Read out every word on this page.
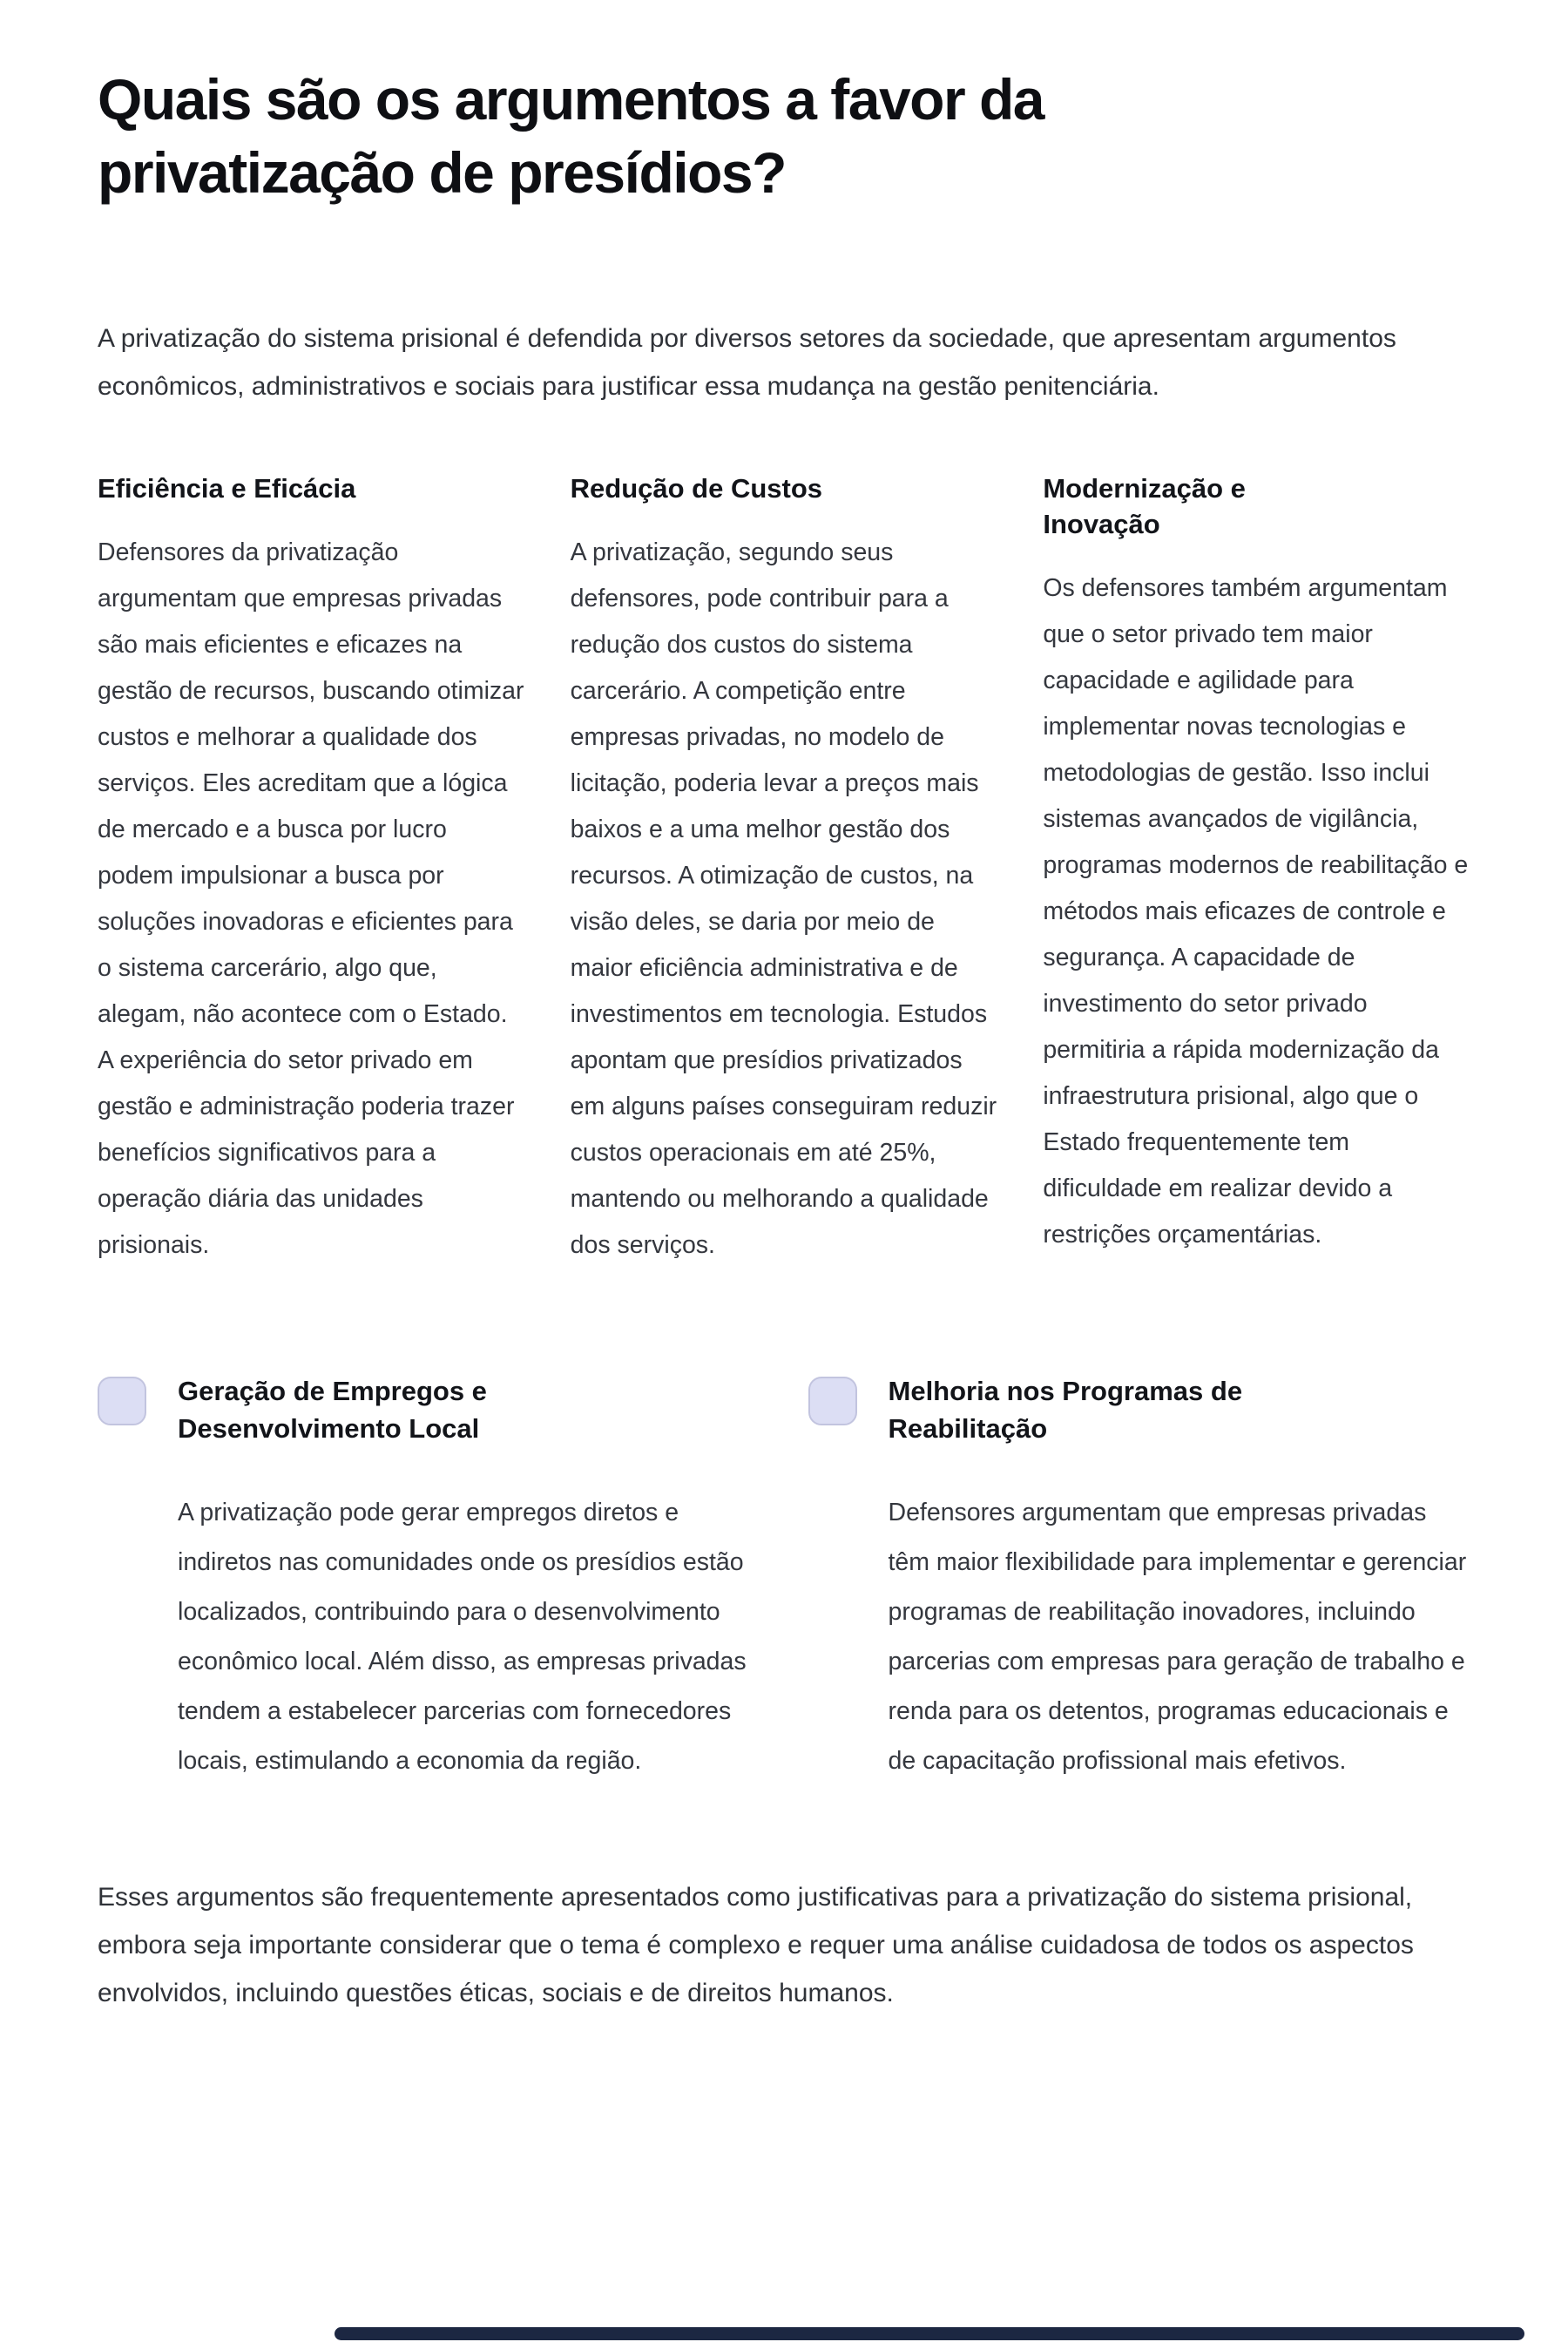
Quais são os argumentos a favor da privatização de presídios?

A privatização do sistema prisional é defendida por diversos setores da sociedade, que apresentam argumentos econômicos, administrativos e sociais para justificar essa mudança na gestão penitenciária.

Eficiência e Eficácia

Defensores da privatização argumentam que empresas privadas são mais eficientes e eficazes na gestão de recursos, buscando otimizar custos e melhorar a qualidade dos serviços. Eles acreditam que a lógica de mercado e a busca por lucro podem impulsionar a busca por soluções inovadoras e eficientes para o sistema carcerário, algo que, alegam, não acontece com o Estado. A experiência do setor privado em gestão e administração poderia trazer benefícios significativos para a operação diária das unidades prisionais.

Redução de Custos

A privatização, segundo seus defensores, pode contribuir para a redução dos custos do sistema carcerário. A competição entre empresas privadas, no modelo de licitação, poderia levar a preços mais baixos e a uma melhor gestão dos recursos. A otimização de custos, na visão deles, se daria por meio de maior eficiência administrativa e de investimentos em tecnologia. Estudos apontam que presídios privatizados em alguns países conseguiram reduzir custos operacionais em até 25%, mantendo ou melhorando a qualidade dos serviços.

Modernização e Inovação

Os defensores também argumentam que o setor privado tem maior capacidade e agilidade para implementar novas tecnologias e metodologias de gestão. Isso inclui sistemas avançados de vigilância, programas modernos de reabilitação e métodos mais eficazes de controle e segurança. A capacidade de investimento do setor privado permitiria a rápida modernização da infraestrutura prisional, algo que o Estado frequentemente tem dificuldade em realizar devido a restrições orçamentárias.

Geração de Empregos e Desenvolvimento Local

A privatização pode gerar empregos diretos e indiretos nas comunidades onde os presídios estão localizados, contribuindo para o desenvolvimento econômico local. Além disso, as empresas privadas tendem a estabelecer parcerias com fornecedores locais, estimulando a economia da região.

Melhoria nos Programas de Reabilitação

Defensores argumentam que empresas privadas têm maior flexibilidade para implementar e gerenciar programas de reabilitação inovadores, incluindo parcerias com empresas para geração de trabalho e renda para os detentos, programas educacionais e de capacitação profissional mais efetivos.

Esses argumentos são frequentemente apresentados como justificativas para a privatização do sistema prisional, embora seja importante considerar que o tema é complexo e requer uma análise cuidadosa de todos os aspectos envolvidos, incluindo questões éticas, sociais e de direitos humanos.
